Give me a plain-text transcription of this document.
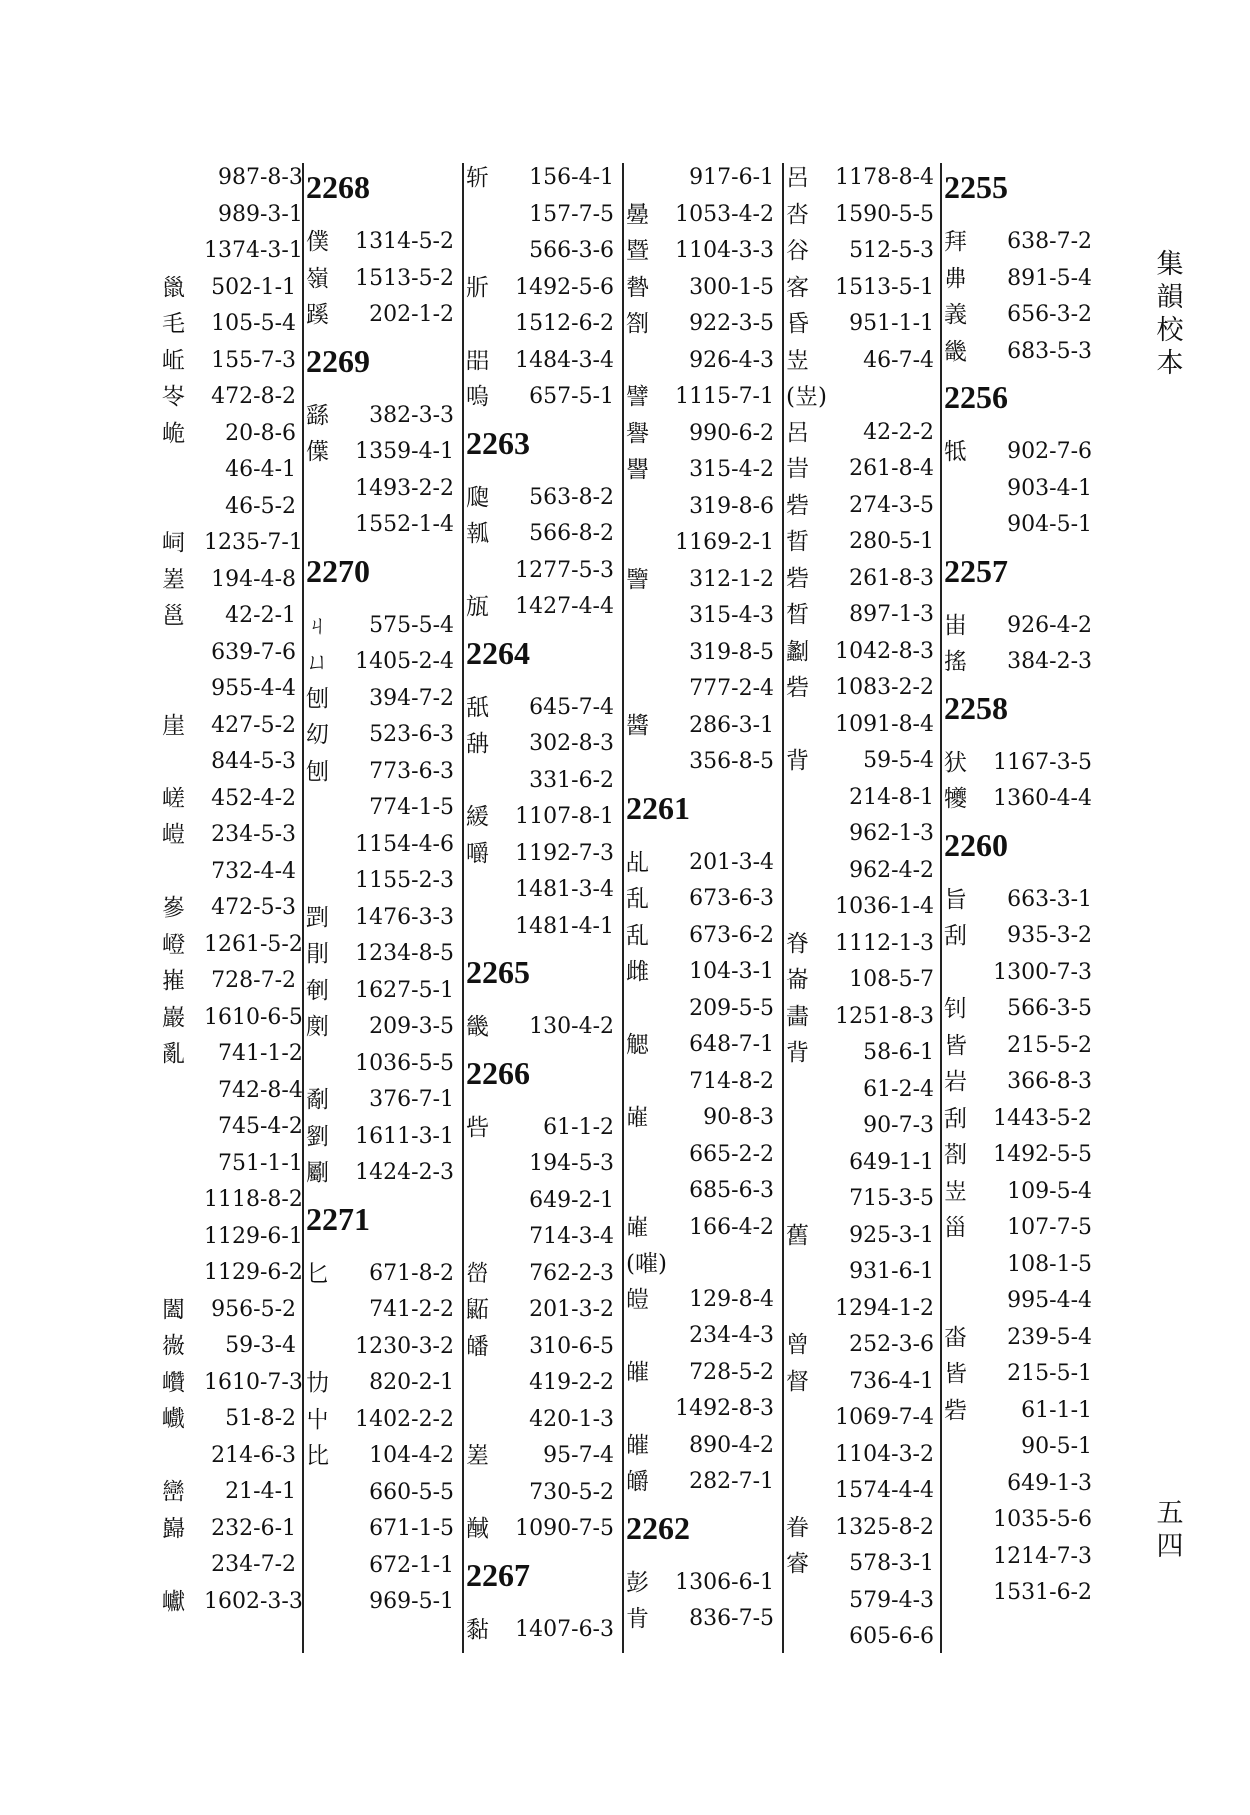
987-8-3
989-3-1
1374-3-1
巤	502-1-1
毛	105-5-4
岴	155-7-3
岺	472-8-2
峗	20-8-6
46-4-1
46-5-2
㟃 1235-7-1
嵳	194-4-8
邕	42-2-1
639-7-6
955-4-4
崖	427-5-2
844-5-3
嵯	452-4-2
嵦	234-5-3
732-4-4
嵾	472-5-3
嶝 1261-5-2
嶊	728-7-2
巖 1610-6-5
亂	741-1-2
742-8-4
745-4-2
751-1-1
1118-8-2
1129-6-1
1129-6-2
闔	956-5-2
嶶	59-3-4
巑 1610-7-3
巇	51-8-2
214-6-3
巒	21-4-1
巋	232-6-1
234-7-2
巘 1602-3-3
2268
僕	1314-5-2
嶺	1513-5-2
蹊	202-1-2
2269
繇	382-3-3
僷	1359-4-1
1493-2-2
1552-1-4
2270
ㄐ	575-5-4
ㄩ	1405-2-4
刨	394-7-2
㓜	523-6-3
刨	773-6-3
774-1-5
1154-4-6
1155-2-3
㓻	1476-3-3
剈	1234-8-5
剦	1627-5-1
剫	209-3-5
1036-5-5
劀	376-7-1
劉	1611-3-1
劚	1424-2-3
2271
匕	671-8-2
741-2-2
1230-3-2
㔹	820-2-1
屮	1402-2-2
比	104-4-2
660-5-5
671-1-5
672-1-1
969-5-1
斩	156-4-1
157-7-5
566-3-6
斨	1492-5-6
1512-6-2
㗊	1484-3-4
嗚	657-5-1
2263
瓟	563-8-2
瓡	566-8-2
1277-5-3
瓬	1427-4-4
2264
舐	645-7-4
舑	302-8-3
331-6-2
緩	1107-8-1
嚼	1192-7-3
1481-3-4
1481-4-1
2265
畿	130-4-2
2266
呰	61-1-2
194-5-3
649-2-1
714-3-4
嵤	762-2-3
鼫	201-3-2
皤	310-6-5
419-2-2
420-1-3
嵳	95-7-4
730-5-2
䤋	1090-7-5
2267
黏	1407-6-3
917-6-1
㬪	1053-4-2
暨	1104-3-3
暬	300-1-5
劄	922-3-5
926-4-3
譬	1115-7-1
譽	990-6-2
譻	315-4-2
319-8-6
1169-2-1
譼	312-1-2
315-4-3
319-8-5
777-2-4
醬	286-3-1
356-8-5
2261
乩	201-3-4
乱	673-6-3
乱	673-6-2
雌	104-3-1
209-5-5
䚡	648-7-1
714-8-2
嶉	90-8-3
665-2-2
685-6-3
嶉(嗺)
166-4-2
皚	129-8-4
234-4-3
皠	728-5-2
1492-8-3
皠	890-4-2
皭	282-7-1
2262
彭	1306-6-1
肯	836-7-5
呂	1178-8-4
呇	1590-5-5
谷	512-5-3
客	1513-5-1
昏	951-1-1
岦(岦)
46-7-4
呂	42-2-2
旹	261-8-4
砦	274-3-5
晢	280-5-1
砦	261-8-3
晳	897-1-3
劙	1042-8-3
砦	1083-2-2
1091-8-4
背	59-5-4
214-8-1
962-1-3
962-4-2
1036-1-4
脊	1112-1-3
崙	108-5-7
畵	1251-8-3
背	58-6-1
61-2-4
90-7-3
649-1-1
715-3-5
舊	925-3-1
931-6-1
1294-1-2
曾	252-3-6
督	736-4-1
1069-7-4
1104-3-2
1574-4-4
眷	1325-8-2
睿	578-3-1
579-4-3
605-6-6
2255
拜	638-7-2
丳	891-5-4
義	656-3-2
畿	683-5-3
2256
牴	902-7-6
903-4-1
904-5-1
2257
峀	926-4-2
搖	384-2-3
2258
犾	1167-3-5
犪	1360-4-4
2260
旨	663-3-1
刮	935-3-2
1300-7-3
钊	566-3-5
皆	215-5-2
岩	366-8-3
刮	1443-5-2
剳	1492-5-5
岦	109-5-4
甾	107-7-5
108-1-5
995-4-4
畓	239-5-4
皆	215-5-1
砦	61-1-1
90-5-1
649-1-3
1035-5-6
1214-7-3
1531-6-2
集
韻
校
本
五
四
